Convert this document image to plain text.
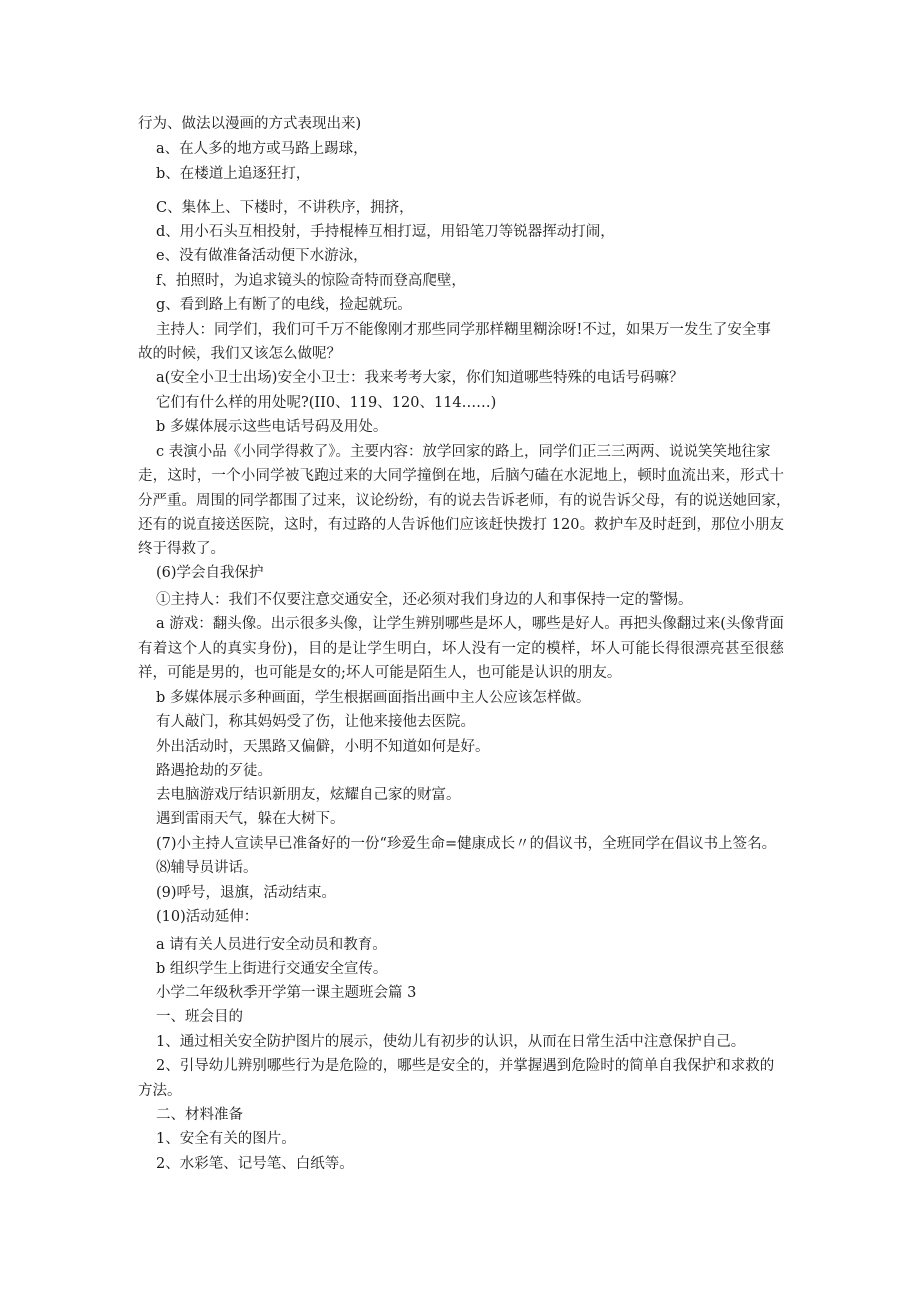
行为、做法以漫画的方式表现出来)
a、在人多的地方或马路上踢球，
b、在楼道上追逐狂打，
C、集体上、下楼时，不讲秩序，拥挤，
d、用小石头互相投射，手持棍棒互相打逗，用铅笔刀等锐器挥动打闹，
e、没有做准备活动便下水游泳，
f、拍照时，为追求镜头的惊险奇特而登高爬壁，
g、看到路上有断了的电线，捡起就玩。
主持人：同学们，我们可千万不能像刚才那些同学那样糊里糊涂呀!不过，如果万一发生了安全事
故的时候，我们又该怎么做呢？
a(安全小卫士出场)安全小卫士：我来考考大家，你们知道哪些特殊的电话号码嘛？
它们有什么样的用处呢?(II0、119、120、114……)
b 多媒体展示这些电话号码及用处。
c 表演小品《小同学得救了》。主要内容：放学回家的路上，同学们正三三两两、说说笑笑地往家
走，这时，一个小同学被飞跑过来的大同学撞倒在地，后脑勺磕在水泥地上，顿时血流出来，形式十
分严重。周围的同学都围了过来，议论纷纷，有的说去告诉老师，有的说告诉父母，有的说送她回家，
还有的说直接送医院，这时，有过路的人告诉他们应该赶快拨打 120。救护车及时赶到，那位小朋友
终于得救了。
(6)学会自我保护
①主持人：我们不仅要注意交通安全，还必须对我们身边的人和事保持一定的警惕。
a 游戏：翻头像。出示很多头像，让学生辨别哪些是坏人，哪些是好人。再把头像翻过来(头像背面
有着这个人的真实身份)，目的是让学生明白，坏人没有一定的模样，坏人可能长得很漂亮甚至很慈
祥，可能是男的，也可能是女的;坏人可能是陌生人，也可能是认识的朋友。
b 多媒体展示多种画面，学生根据画面指出画中主人公应该怎样做。
有人敲门，称其妈妈受了伤，让他来接他去医院。
外出活动时，天黑路又偏僻，小明不知道如何是好。
路遇抢劫的歹徒。
去电脑游戏厅结识新朋友，炫耀自己家的财富。
遇到雷雨天气，躲在大树下。
(7)小主持人宣读早已准备好的一份“珍爱生命=健康成长〃的倡议书，全班同学在倡议书上签名。
⑻辅导员讲话。
(9)呼号，退旗，活动结束。
(10)活动延伸：
a 请有关人员进行安全动员和教育。
b 组织学生上街进行交通安全宣传。
小学二年级秋季开学第一课主题班会篇 3
一、班会目的
1、通过相关安全防护图片的展示，使幼儿有初步的认识，从而在日常生活中注意保护自己。
2、引导幼儿辨别哪些行为是危险的，哪些是安全的，并掌握遇到危险时的简单自我保护和求救的
方法。
二、材料准备
1、安全有关的图片。
2、水彩笔、记号笔、白纸等。
